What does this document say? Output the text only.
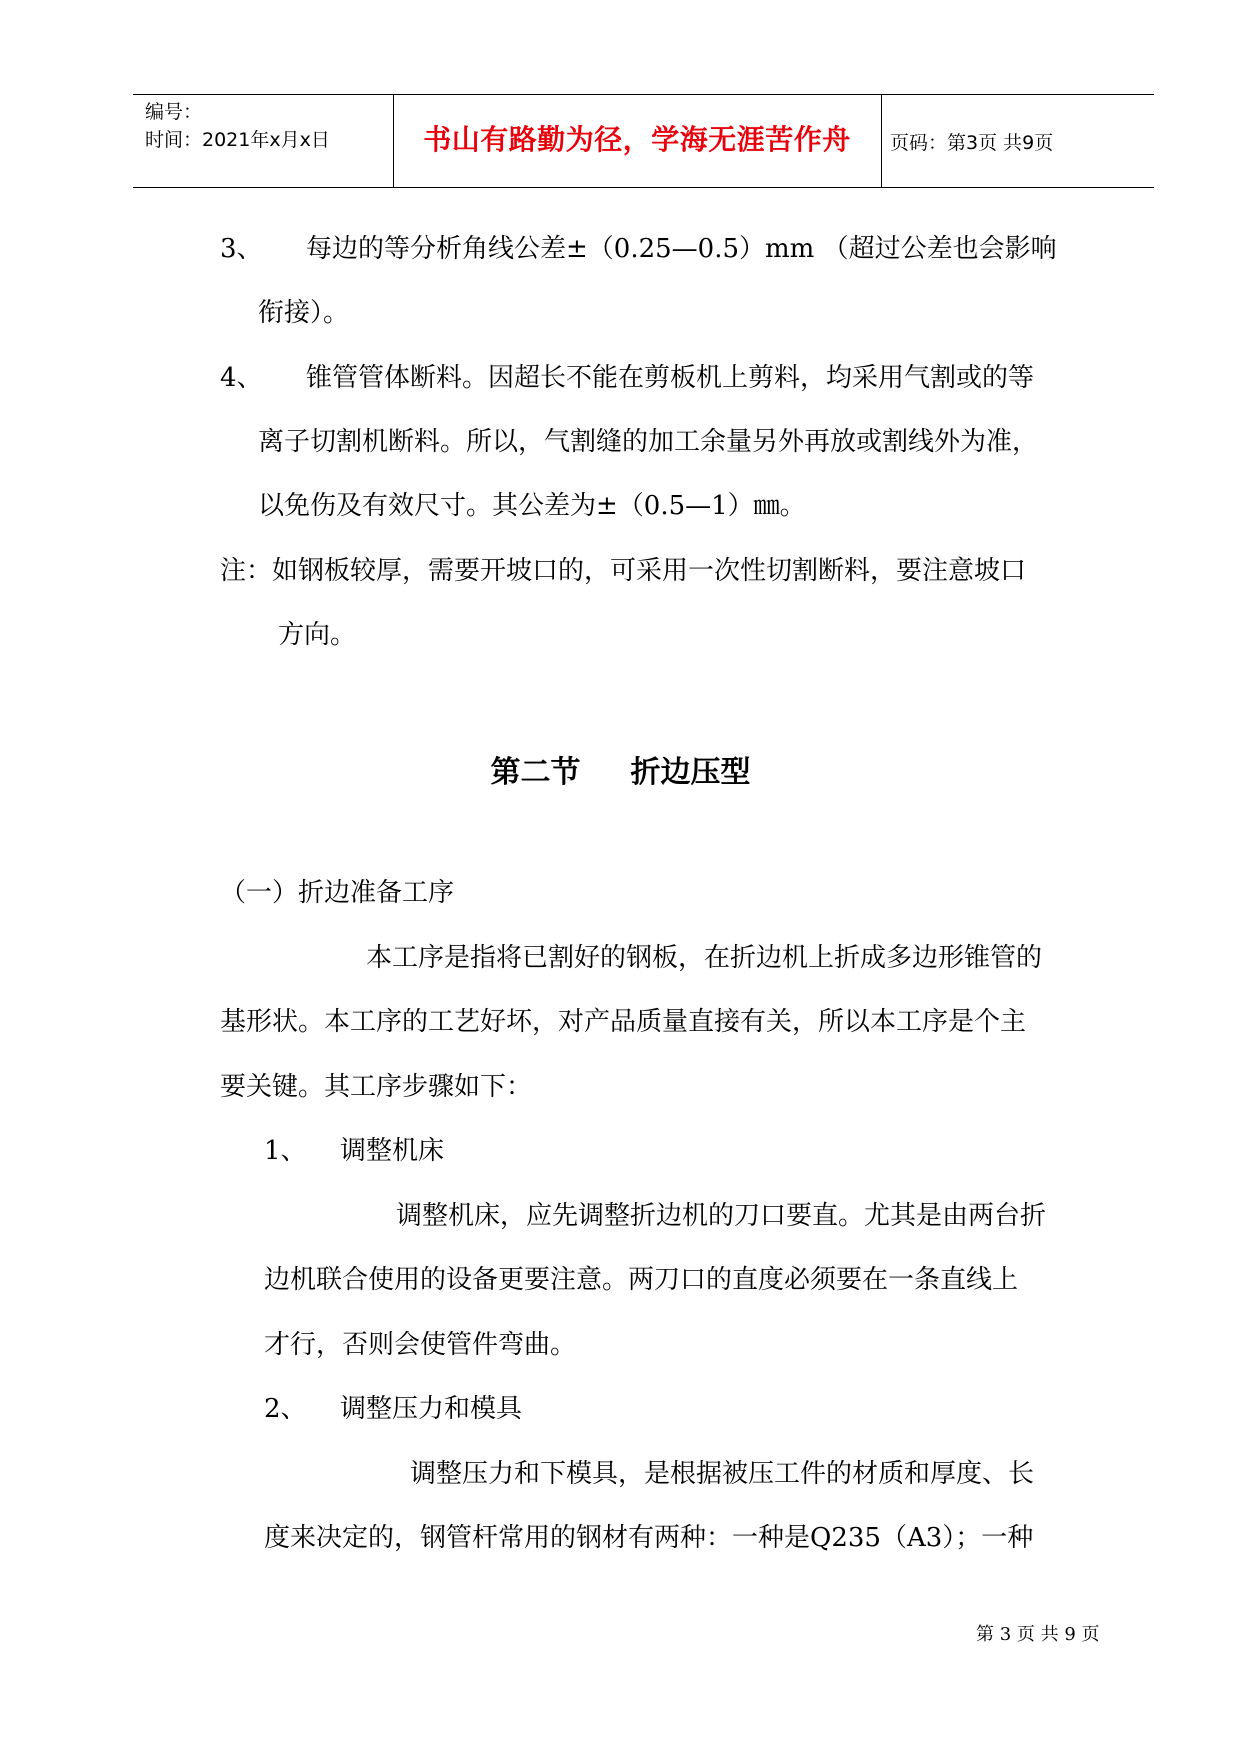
编号：
时间：2021年x月x日	书山有路勤为径，学海无涯苦作舟	页码：第3页 共9页
3、 每边的等分析角线公差±（0.25—0.5）mm （超过公差也会影响
衔接）。
4、 锥管管体断料。因超长不能在剪板机上剪料，均采用气割或的等
离子切割机断料。所以，气割缝的加工余量另外再放或割线外为准，
以免伤及有效尺寸。其公差为±（0.5—1）㎜。
注：如钢板较厚，需要开坡口的，可采用一次性切割断料，要注意坡口
方向。
第二节 折边压型
（一）折边准备工序
本工序是指将已割好的钢板，在折边机上折成多边形锥管的
基形状。本工序的工艺好坏，对产品质量直接有关，所以本工序是个主
要关键。其工序步骤如下：
1、 调整机床
调整机床，应先调整折边机的刀口要直。尤其是由两台折
边机联合使用的设备更要注意。两刀口的直度必须要在一条直线上
才行，否则会使管件弯曲。
2、 调整压力和模具
调整压力和下模具，是根据被压工件的材质和厚度、长
度来决定的，钢管杆常用的钢材有两种：一种是Q235（A3）；一种
第 3 页 共 9 页
